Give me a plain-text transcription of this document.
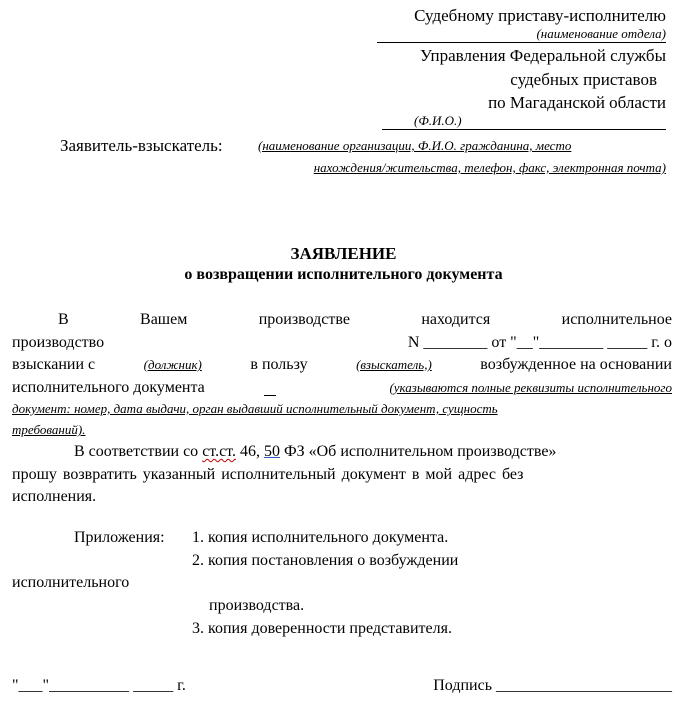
Судебному приставу-исполнителю
(наименование отдела)
Управления Федеральной службы
судебных приставов
по Магаданской области
(Ф.И.О.)
Заявитель-взыскатель:	(наименование организации, Ф.И.О. гражданина, место
нахождения/жительства, телефон, факс, электронная почта)
ЗАЯВЛЕНИЕ
о возвращении исполнительного документа
В	Вашем	производстве	находится	исполнительное
производство	N ________ от "__"________ _____ г. о
взыскании с	(должник)	в пользу	(взыскатель,)	возбужденное на основании
исполнительного документа	(указываются полные реквизиты исполнительного
документ: номер, дата выдачи, орган выдавший исполнительный документ, сущность
требований).
В соответствии со ст.ст. 46, 50 ФЗ «Об исполнительном производстве»
прошу возвратить указанный исполнительный документ в мой адрес без
исполнения.
Приложения: 1. копия исполнительного документа.
2. копия постановления о возбуждении
исполнительного
производства.
3. копия доверенности представителя.
"___"__________ _____ г.	Подпись ______________________
